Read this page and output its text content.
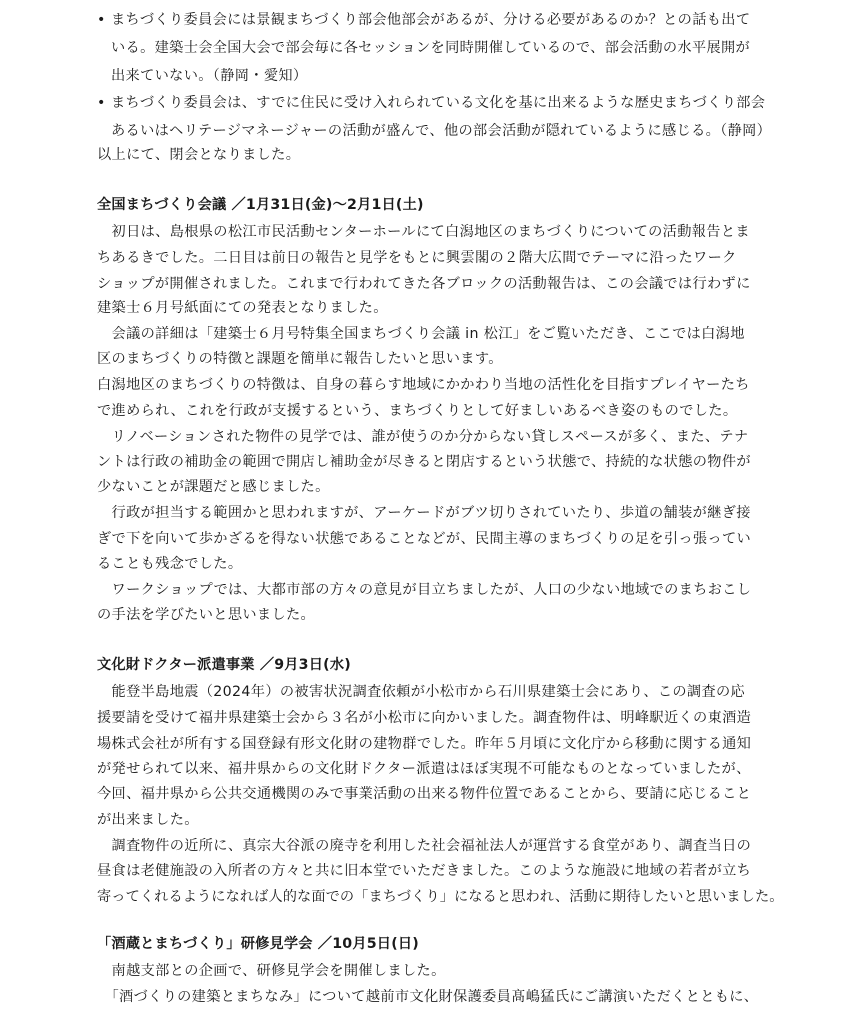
• まちづくり委員会には景観まちづくり部会他部会があるが、分ける必要があるのか？との話も出て
いる。建築士会全国大会で部会毎に各セッションを同時開催しているので、部会活動の水平展開が
出来ていない。（静岡・愛知）
• まちづくり委員会は、すでに住民に受け入れられている文化を基に出来るような歴史まちづくり部会
あるいはヘリテージマネージャーの活動が盛んで、他の部会活動が隠れているように感じる。（静岡）
以上にて、閉会となりました。
全国まちづくり会議 ／1月31日(金)～2月1日(土)
　初日は、島根県の松江市民活動センターホールにて白潟地区のまちづくりについての活動報告とま
ちあるきでした。二日目は前日の報告と見学をもとに興雲閣の２階大広間でテーマに沿ったワーク
ショップが開催されました。これまで行われてきた各ブロックの活動報告は、この会議では行わずに
建築士６月号紙面にての発表となりました。
　会議の詳細は「建築士６月号特集全国まちづくり会議 in 松江」をご覧いただき、ここでは白潟地
区のまちづくりの特徴と課題を簡単に報告したいと思います。
白潟地区のまちづくりの特徴は、自身の暮らす地域にかかわり当地の活性化を目指すプレイヤーたち
で進められ、これを行政が支援するという、まちづくりとして好ましいあるべき姿のものでした。
　リノベーションされた物件の見学では、誰が使うのか分からない貸しスペースが多く、また、テナ
ントは行政の補助金の範囲で開店し補助金が尽きると閉店するという状態で、持続的な状態の物件が
少ないことが課題だと感じました。
　行政が担当する範囲かと思われますが、アーケードがブツ切りされていたり、歩道の舗装が継ぎ接
ぎで下を向いて歩かざるを得ない状態であることなどが、民間主導のまちづくりの足を引っ張ってい
ることも残念でした。
　ワークショップでは、大都市部の方々の意見が目立ちましたが、人口の少ない地域でのまちおこし
の手法を学びたいと思いました。
文化財ドクター派遣事業 ／9月3日(水)
　能登半島地震（2024年）の被害状況調査依頼が小松市から石川県建築士会にあり、この調査の応
援要請を受けて福井県建築士会から３名が小松市に向かいました。調査物件は、明峰駅近くの東酒造
場株式会社が所有する国登録有形文化財の建物群でした。昨年５月頃に文化庁から移動に関する通知
が発せられて以来、福井県からの文化財ドクター派遣はほぼ実現不可能なものとなっていましたが、
今回、福井県から公共交通機関のみで事業活動の出来る物件位置であることから、要請に応じること
が出来ました。
　調査物件の近所に、真宗大谷派の廃寺を利用した社会福祉法人が運営する食堂があり、調査当日の
昼食は老健施設の入所者の方々と共に旧本堂でいただきました。このような施設に地域の若者が立ち
寄ってくれるようになれば人的な面での「まちづくり」になると思われ、活動に期待したいと思いました。
「酒蔵とまちづくり」研修見学会 ／10月5日(日)
　南越支部との企画で、研修見学会を開催しました。
　「酒づくりの建築とまちなみ」について越前市文化財保護委員髙嶋猛氏にご講演いただくとともに、
